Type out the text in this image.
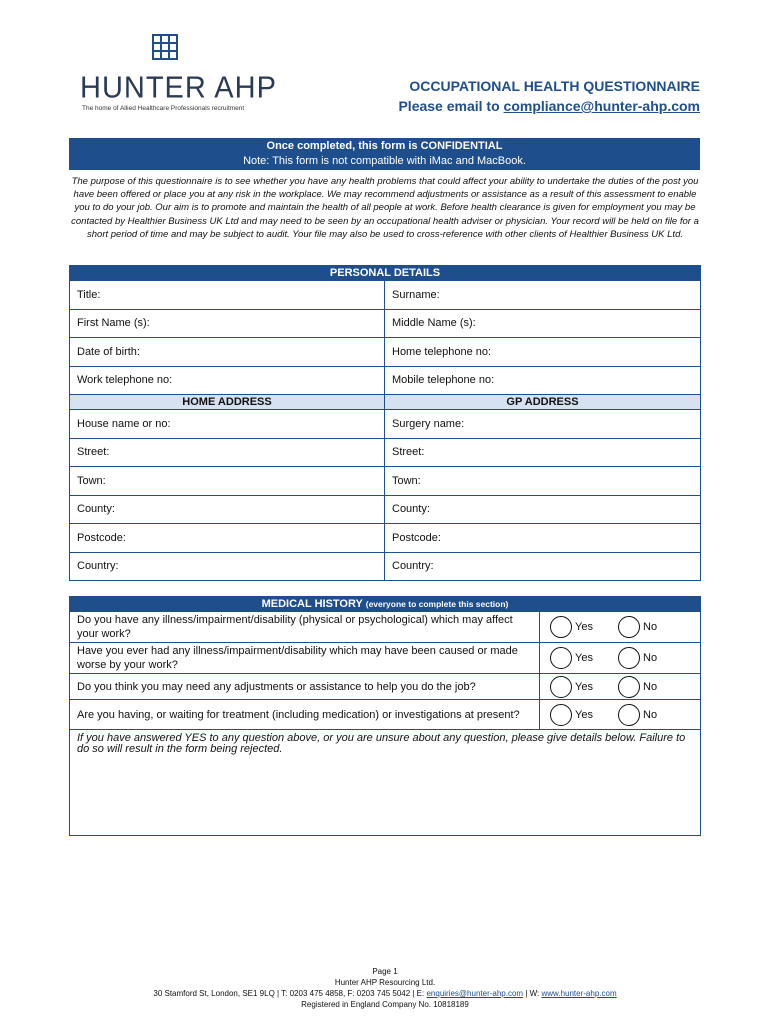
HUNTER AHP
The home of Allied Healthcare Professionals recruitment
OCCUPATIONAL HEALTH QUESTIONNAIRE
Please email to compliance@hunter-ahp.com
Once completed, this form is CONFIDENTIAL
Note: This form is not compatible with iMac and MacBook.
The purpose of this questionnaire is to see whether you have any health problems that could affect your ability to undertake the duties of the post you have been offered or place you at any risk in the workplace. We may recommend adjustments or assistance as a result of this assessment to enable you to do your job. Our aim is to promote and maintain the health of all people at work. Before health clearance is given for employment you may be contacted by Healthier Business UK Ltd and may need to be seen by an occupational health adviser or physician. Your record will be held on file for a short period of time and may be subject to audit. Your file may also be used to cross-reference with other clients of Healthier Business UK Ltd.
PERSONAL DETAILS	
Title:	Surname:
First Name (s):	Middle Name (s):
Date of birth:	Home telephone no:
Work telephone no:	Mobile telephone no:
HOME ADDRESS	GP ADDRESS
House name or no:	Surgery name:
Street:	Street:
Town:	Town:
County:	County:
Postcode:	Postcode:
Country:	Country:
MEDICAL HISTORY (everyone to complete this section)	
Do you have any illness/impairment/disability (physical or psychological) which may affect your work?	Yes No

Have you ever had any illness/impairment/disability which may have been caused or made worse by your work?	Yes No

Do you think you may need any adjustments or assistance to help you do the job?	Yes No

Are you having, or waiting for treatment (including medication) or investigations at present?	Yes No

If you have answered YES to any question above, or you are unsure about any question, please give details below. Failure to do so will result in the form being rejected.	
Page 1
Hunter AHP Resourcing Ltd.
30 Stamford St, London, SE1 9LQ | T: 0203 475 4858, F: 0203 745 5042 | E: enquiries@hunter-ahp.com | W: www.hunter-ahp.com
Registered in England Company No. 10818189
